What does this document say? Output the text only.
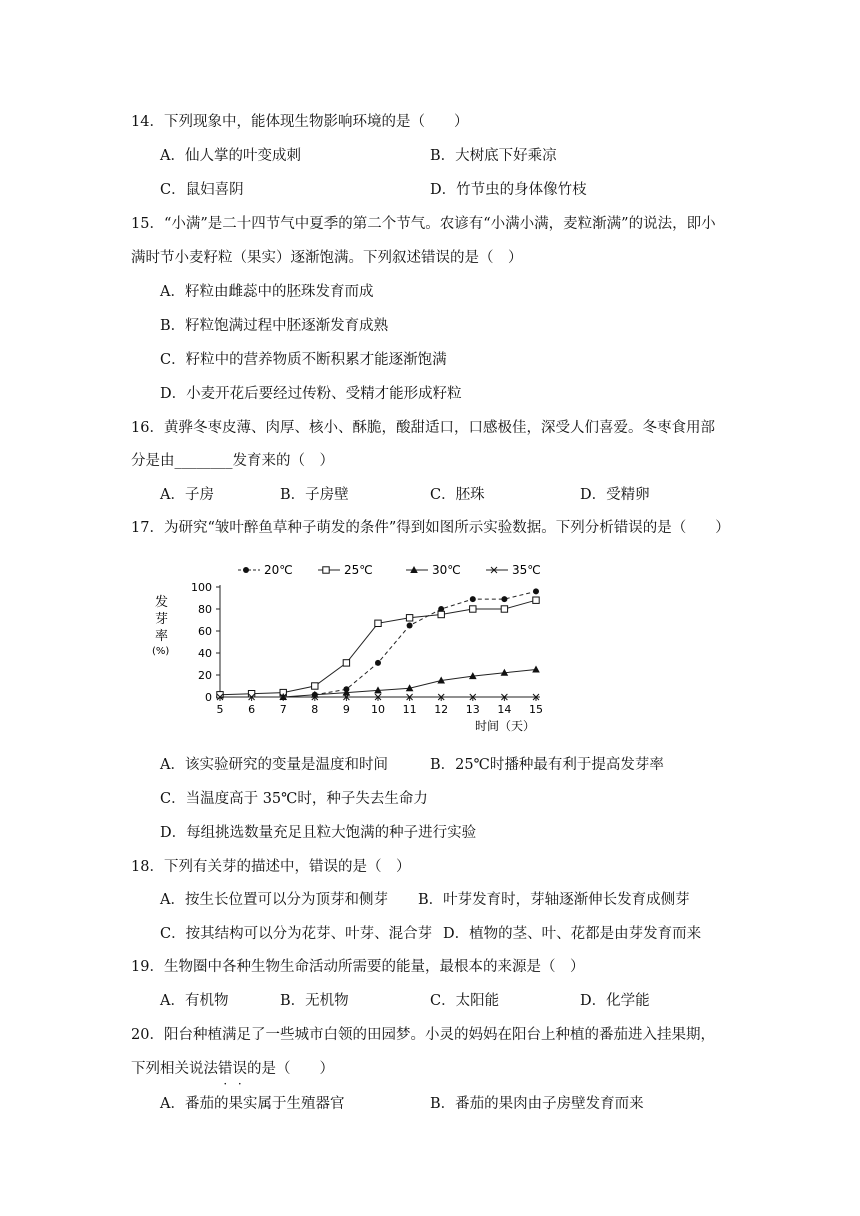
14．下列现象中，能体现生物影响环境的是（　　）
A．仙人掌的叶变成刺	B．大树底下好乘凉
C．鼠妇喜阴	D．竹节虫的身体像竹枝
15．“小满”是二十四节气中夏季的第二个节气。农谚有“小满小满，麦粒渐满”的说法，即小
满时节小麦籽粒（果实）逐渐饱满。下列叙述错误的是（　）
A．籽粒由雌蕊中的胚珠发育而成
B．籽粒饱满过程中胚逐渐发育成熟
C．籽粒中的营养物质不断积累才能逐渐饱满
D．小麦开花后要经过传粉、受精才能形成籽粒
16．黄骅冬枣皮薄、肉厚、核小、酥脆，酸甜适口，口感极佳，深受人们喜爱。冬枣食用部
分是由________发育来的（　）
A．子房	B．子房壁	C．胚珠	D．受精卵
17．为研究“皱叶醉鱼草种子萌发的条件”得到如图所示实验数据。下列分析错误的是（　　）
20℃	25℃	30℃	35℃
发
芽
率
(%)
0
20
40
60
80
100
5 6 7 8 9 10 11 12 13 14 15
时间（天）
A．该实验研究的变量是温度和时间	B．25℃时播种最有利于提高发芽率
C．当温度高于 35℃时，种子失去生命力
D．每组挑选数量充足且粒大饱满的种子进行实验
18．下列有关芽的描述中，错误的是（　）
A．按生长位置可以分为顶芽和侧芽 B．叶芽发育时，芽轴逐渐伸长发育成侧芽
C．按其结构可以分为花芽、叶芽、混合芽 D．植物的茎、叶、花都是由芽发育而来
19．生物圈中各种生物生命活动所需要的能量，最根本的来源是（　）
A．有机物	B．无机物	C．太阳能	D．化学能
20．阳台种植满足了一些城市白领的田园梦。小灵的妈妈在阳台上种植的番茄进入挂果期，
下列相关说法错误的是（　　）
A．番茄的果实属于生殖器官	B．番茄的果肉由子房壁发育而来
